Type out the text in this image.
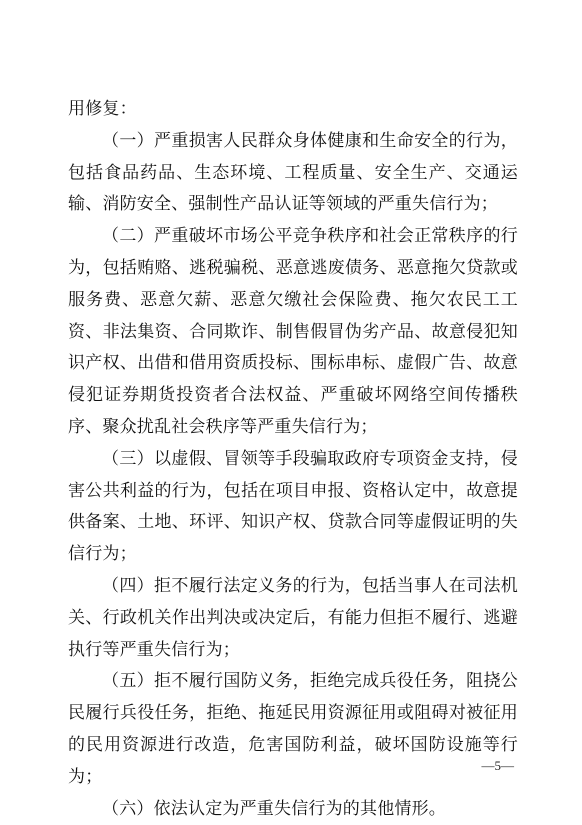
用修复：

（一）严重损害人民群众身体健康和生命安全的行为，包括食品药品、生态环境、工程质量、安全生产、交通运输、消防安全、强制性产品认证等领域的严重失信行为；

（二）严重破坏市场公平竞争秩序和社会正常秩序的行为，包括贿赂、逃税骗税、恶意逃废债务、恶意拖欠贷款或服务费、恶意欠薪、恶意欠缴社会保险费、拖欠农民工工资、非法集资、合同欺诈、制售假冒伪劣产品、故意侵犯知识产权、出借和借用资质投标、围标串标、虚假广告、故意侵犯证券期货投资者合法权益、严重破坏网络空间传播秩序、聚众扰乱社会秩序等严重失信行为；

（三）以虚假、冒领等手段骗取政府专项资金支持，侵害公共利益的行为，包括在项目申报、资格认定中，故意提供备案、土地、环评、知识产权、贷款合同等虚假证明的失信行为；

（四）拒不履行法定义务的行为，包括当事人在司法机关、行政机关作出判决或决定后，有能力但拒不履行、逃避执行等严重失信行为；

（五）拒不履行国防义务，拒绝完成兵役任务，阻挠公民履行兵役任务，拒绝、拖延民用资源征用或阻碍对被征用的民用资源进行改造，危害国防利益，破坏国防设施等行为；

（六）依法认定为严重失信行为的其他情形。

—5—
